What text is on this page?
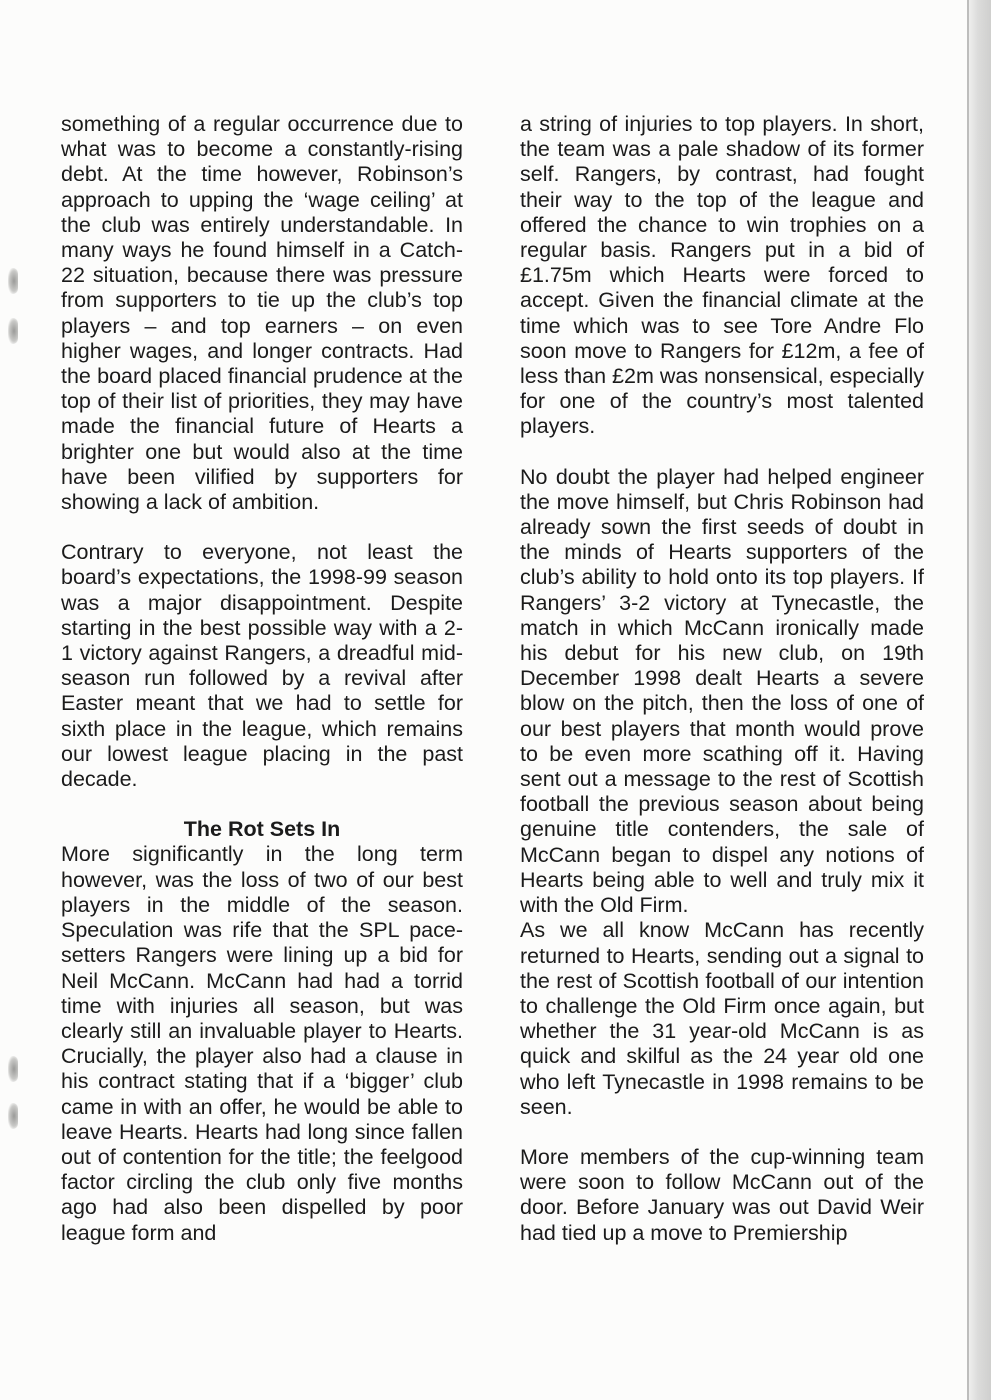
something of a regular occurrence due to what was to become a constantly-rising debt. At the time however, Robinson’s approach to upping the ‘wage ceiling’ at the club was entirely understandable. In many ways he found himself in a Catch-22 situation, because there was pressure from supporters to tie up the club’s top players – and top earners – on even higher wages, and longer contracts. Had the board placed financial prudence at the top of their list of priorities, they may have made the financial future of Hearts a brighter one but would also at the time have been vilified by supporters for showing a lack of ambition.

Contrary to everyone, not least the board’s expectations, the 1998-99 season was a major disappointment. Despite starting in the best possible way with a 2-1 victory against Rangers, a dreadful mid-season run followed by a revival after Easter meant that we had to settle for sixth place in the league, which remains our lowest league placing in the past decade.

The Rot Sets In

More significantly in the long term however, was the loss of two of our best players in the middle of the season. Speculation was rife that the SPL pace-setters Rangers were lining up a bid for Neil McCann. McCann had had a torrid time with injuries all season, but was clearly still an invaluable player to Hearts. Crucially, the player also had a clause in his contract stating that if a ‘bigger’ club came in with an offer, he would be able to leave Hearts. Hearts had long since fallen out of contention for the title; the feelgood factor circling the club only five months ago had also been dispelled by poor league form and

a string of injuries to top players. In short, the team was a pale shadow of its former self. Rangers, by contrast, had fought their way to the top of the league and offered the chance to win trophies on a regular basis. Rangers put in a bid of £1.75m which Hearts were forced to accept. Given the financial climate at the time which was to see Tore Andre Flo soon move to Rangers for £12m, a fee of less than £2m was nonsensical, especially for one of the country’s most talented players.

No doubt the player had helped engineer the move himself, but Chris Robinson had already sown the first seeds of doubt in the minds of Hearts supporters of the club’s ability to hold onto its top players. If Rangers’ 3-2 victory at Tynecastle, the match in which McCann ironically made his debut for his new club, on 19th December 1998 dealt Hearts a severe blow on the pitch, then the loss of one of our best players that month would prove to be even more scathing off it. Having sent out a message to the rest of Scottish football the previous season about being genuine title contenders, the sale of McCann began to dispel any notions of Hearts being able to well and truly mix it with the Old Firm.

As we all know McCann has recently returned to Hearts, sending out a signal to the rest of Scottish football of our intention to challenge the Old Firm once again, but whether the 31 year-old McCann is as quick and skilful as the 24 year old one who left Tynecastle in 1998 remains to be seen.

More members of the cup-winning team were soon to follow McCann out of the door. Before January was out David Weir had tied up a move to Premiership
